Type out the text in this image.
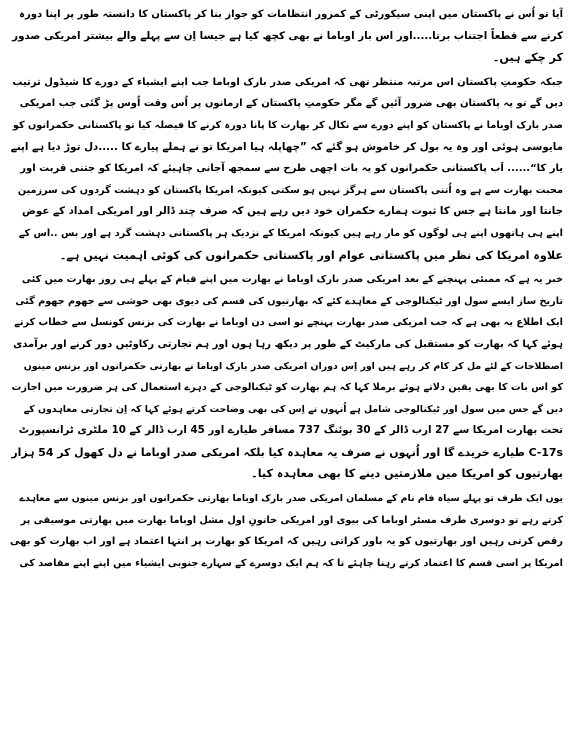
آیا تو اُس نے پاکستان میں اپنی سیکورٹی کے کمزور انتظامات کو جواز بنا کر پاکستان کا دانستہ طور پر اپنا دورہ
کرنے سے قطعاً اجتناب برتا.....اور اس بار اوباما نے بھی کچھ کیا ہے جیسا اِن سے پہلے والے بیشتر امریکی صدور
کر چکے ہیں۔
جبکہ حکومتِ پاکستان اس مرتبہ منتظر تھی کہ امریکی صدر بارک اوباما جب اپنے ایشیاء کے دورے کا شیڈول ترتیب
دیں گے تو یہ پاکستان بھی ضرور آئیں گے مگر حکومتِ پاکستان کے ارمانوں پر اُس وقت اُوس پڑ گئی جب امریکی
صدر بارک اوباما نے پاکستان کو اپنے دورے سے نکال کر بھارت کا پانا دورہ کرنے کا فیصلہ کیا تو پاکستانی حکمرانوں کو
مایوسی ہوئی اور وہ یہ بول کر خاموش ہو گئے کہ ”چھاپلہ ہیا امریکا تو نے ہملے پیارے کا .....دل توڑ دیا ہے اپنے
یار کا“...... اَب پاکستانی حکمرانوں کو یہ بات اچھی طرح سے سمجھ آجانی چاہیئے کہ امریکا کو جتنی قربت اور
محبت بھارت سے ہے وہ اُتنی پاکستان سے ہرگز نہیں ہو سکتی کیونکہ امریکا پاکستان کو دہشت گردوں کی سرزمین
جانتا اور مانتا ہے جس کا ثبوت ہمارے حکمران خود دیں رہے ہیں کہ صرف چند ڈالر اور امریکی امداد کے عوض
اپنے ہی ہاتھوں اپنے ہی لوگوں کو مار رہے ہیں کیونکہ امریکا کے نزدیک ہر پاکستانی دہشت گرد ہے اور بس ..اس کے
علاوہ امریکا کی نظر میں پاکستانی عوام اور پاکستانی حکمرانوں کی کوئی اہمیت نہیں ہے۔
خبر یہ ہے کہ ممبئی پہنچنے کے بعد امریکی صدر بارک اوباما نے بھارت میں اپنے قیام کے پہلے ہی روز بھارت میں کئی
تاریخ ساز ایسے سول اور ٹیکنالوجی کے معاہدے کئے کہ بھارتیوں کی قسم کی دیوی بھی خوشی سے جھوم جھوم گئی
ایک اطلاع یہ بھی ہے کہ جب امریکی صدر بھارت پہنچے تو اسی دن اوباما نے بھارت کی بزنس کونسل سے خطاب کرتے
ہوئے کہا کہ بھارت کو مستقبل کی مارکیٹ کے طور پر دیکھ رہا ہوں اور ہم تجارتی رکاوٹیں دور کرنے اور برآمدی
اصطلاحات کے لئے مل کر کام کر رہے ہیں اور اِس دوران امریکی صدر بارک اوباما نے بھارتی حکمرانوں اور بزنس مینوں
کو اس بات کا بھی یقین دلاتے ہوئے برملا کہا کہ ہم بھارت کو ٹیکنالوجی کے دہرے استعمال کی ہر ضرورت میں اجازت
دیں گے جس میں سول اور ٹیکنالوجی شامل ہے اُنہوں نے اِس کی بھی وضاحت کرتے ہوئے کہا کہ اِن تجارتی معاہدوں کے
تحت بھارت امریکا سے 27 ارب ڈالر کے 30 بوئنگ 737 مسافر طیارے اور 45 ارب ڈالر کے 10 ملٹری ٹرانسپورٹ
C-17s طیارے خریدے گا اور اُنہوں نے صرف یہ معاہدہ کیا بلکہ امریکی صدر اوباما نے دل کھول کر 54 ہزار
بھارتیوں کو امریکا میں ملازمتیں دینے کا بھی معاہدہ کیا۔
یوں ایک طرف تو پہلے سیاہ فام نام کے مسلمان امریکی صدر بارک اوباما بھارتی حکمرانوں اور بزنس مینوں سے معاہدے
کرتے رہے تو دوسری طرف مسٹر اوباما کی بیوی اور امریکی خاتونِ اول مشل اوباما بھارت میں بھارتی موسیقی پر
رقص کرتی رہیں اور بھارتیوں کو یہ باور کراتی رہیں کہ امریکا کو بھارت پر انتہا اعتماد ہے اور اب بھارت کو بھی
امریکا پر اسی قسم کا اعتماد کرتے رہنا چاہئے تا کہ ہم ایک دوسرے کے سہارے جنوبی ایشیاء میں اپنے اپنے مقاصد کی
